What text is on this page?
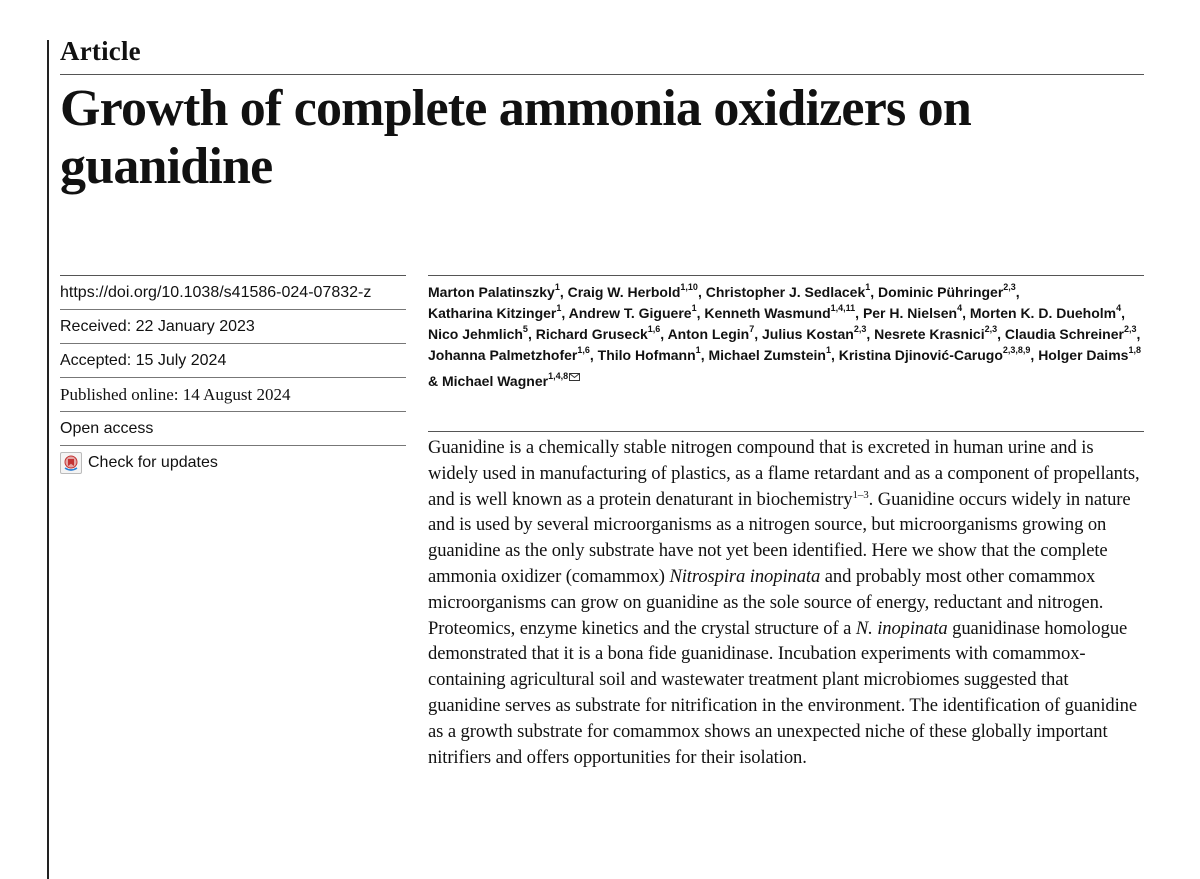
Article
Growth of complete ammonia oxidizers on guanidine
https://doi.org/10.1038/s41586-024-07832-z
Received: 22 January 2023
Accepted: 15 July 2024
Published online: 14 August 2024
Open access
Check for updates
Marton Palatinszky$^1$, Craig W. Herbold$^{1,10}$, Christopher J. Sedlacek$^1$, Dominic Pühringer$^{2,3}$, Katharina Kitzinger$^1$, Andrew T. Giguere$^1$, Kenneth Wasmund$^{1,4,11}$, Per H. Nielsen$^4$, Morten K. D. Dueholm$^4$, Nico Jehmlich$^5$, Richard Gruseck$^{1,6}$, Anton Legin$^7$, Julius Kostan$^{2,3}$, Nesrete Krasnici$^{2,3}$, Claudia Schreiner$^{2,3}$, Johanna Palmetzhofer$^{1,6}$, Thilo Hofmann$^1$, Michael Zumstein$^1$, Kristina Djinović-Carugo$^{2,3,8,9}$, Holger Daims$^{1,8}$ & Michael Wagner$^{1,4,8}$

Guanidine is a chemically stable nitrogen compound that is excreted in human urine and is widely used in manufacturing of plastics, as a flame retardant and as a component of propellants, and is well known as a protein denaturant in biochemistry$^{1-3}$. Guanidine occurs widely in nature and is used by several microorganisms as a nitrogen source, but microorganisms growing on guanidine as the only substrate have not yet been identified. Here we show that the complete ammonia oxidizer (comammox) Nitrospira inopinata and probably most other comammox microorganisms can grow on guanidine as the sole source of energy, reductant and nitrogen. Proteomics, enzyme kinetics and the crystal structure of a N. inopinata guanidinase homologue demonstrated that it is a bona fide guanidinase. Incubation experiments with comammox-containing agricultural soil and wastewater treatment plant microbiomes suggested that guanidine serves as substrate for nitrification in the environment. The identification of guanidine as a growth substrate for comammox shows an unexpected niche of these globally important nitrifiers and offers opportunities for their isolation.
